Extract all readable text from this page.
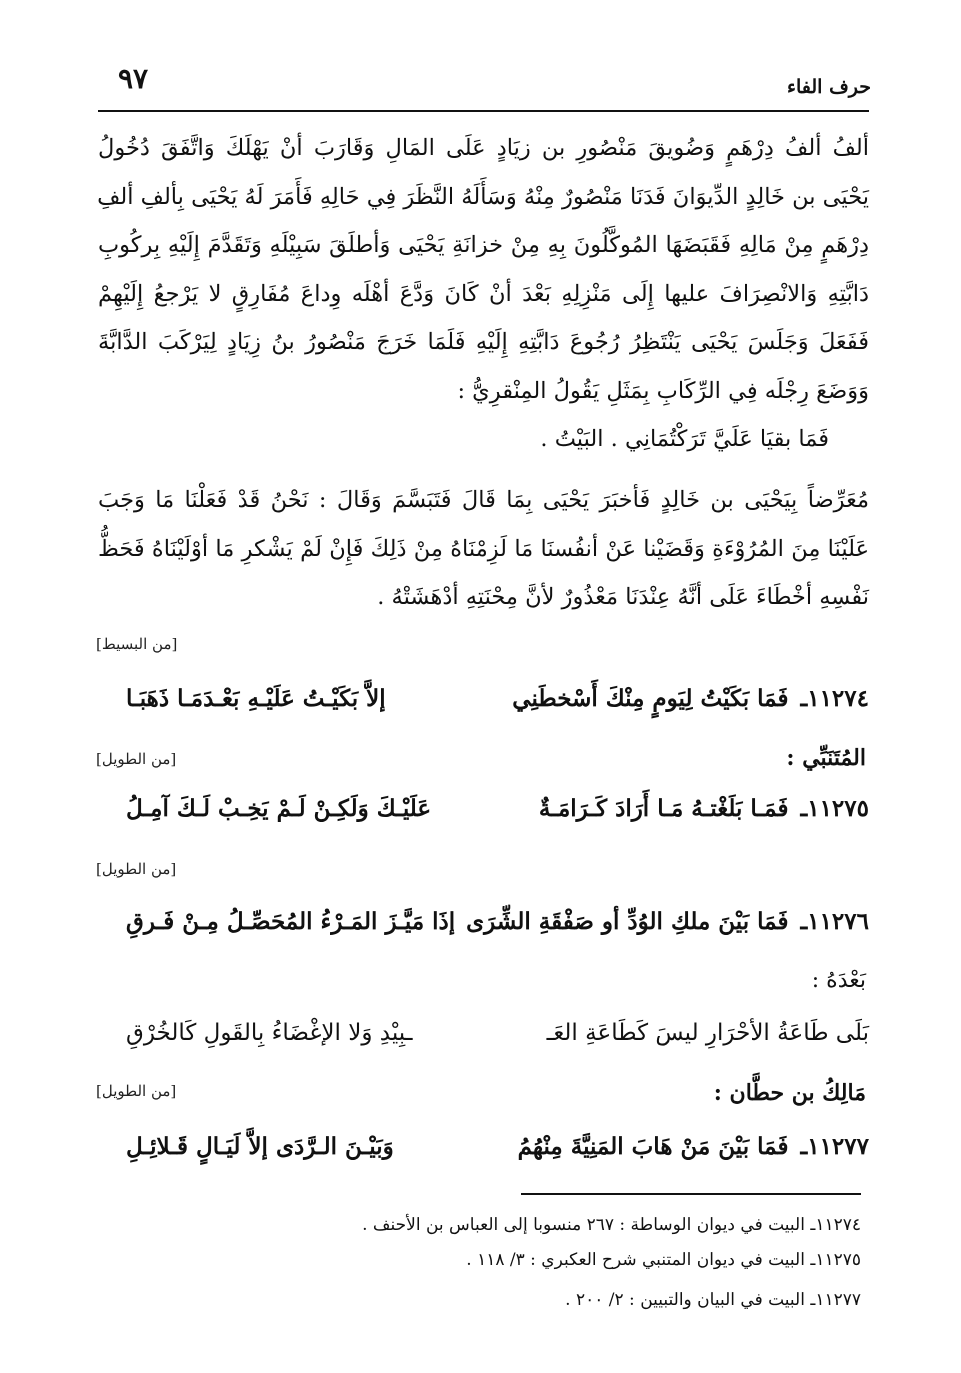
حرف الفاء
٩٧
ألفُ ألفُ دِرْهَمٍ وَضُويقَ مَنْصُورِ بن زيَادٍ عَلَى المَالِ وَقَارَبَ أنْ يَهْلَكَ وَاتَّفَقَ دُخُولُ
يَحْيَى بن خَالِدٍ الدِّيوَانَ فَدَنَا مَنْصُورٌ مِنْهُ وَسَأَلَهُ النَّظَرَ فِي حَالِهِ فَأَمَرَ لَهُ يَحْيَى بِألفِ ألفِ
دِرْهَمٍ مِنْ مَالِهِ فَقَبَضَهَا المُوكَّلُونَ بِهِ مِنْ خزانَةِ يَحْيَى وَأطلَقَ سَبِيْلَهِ وَتَقَدَّمَ إِلَيْهِ بِركُوبِ
دَابَّتِهِ وَالانْصِرَافَ عليها إِلَى مَنْزِلِهِ بَعْدَ أنْ كَانَ وَدَّعَ أهْلَه وِداعَ مُفَارِقٍ لا يَرْجعُ إِلَيْهِمْ
فَفَعَلَ وَجَلَسَ يَحْيَى يَنْتَظِرُ رُجُوعَ دَابَّتِهِ إِلَيْهِ فَلَمَا خَرَجَ مَنْصُورُ بنُ زِيَادٍ لِيَرْكَبَ الدَّابَّةَ
وَوَضَعَ رِجْلَه فِي الرِّكَابِ بِمَثَلِ يَقُولُ المِنْقرِيُّ :
فَمَا بقيَا عَلَيَّ تَرَكْتُمَانِي . البَيْتُ .
مُعَرِّضاً بِيَحْيَى بن خَالِدٍ فَأخبَرَ يَحْيَى بِمَا قَالَ فَتَبَسَّمَ وَقَالَ : نَحْنُ قَدْ فَعَلْنَا مَا وَجَبَ
عَلَيْنَا مِنَ المُرُوْءَةِ وَقَضَيْنا عَنْ أنفُسنَا مَا لَزِمْنَاهُ مِنْ ذَلِكَ فَإِنْ لَمْ يَشْكرِ مَا أوْلَيْنَاهُ فَحَظُّ
نَفْسِهِ أخْطَاءَ عَلَى أنَّهُ عِنْدَنَا مَعْذُورٌ لأنَّ مِحْنَتِهِ أدْهَشَتْهُ .
[من البسيط]
١١٢٧٤ـ فَمَا بَكَيْتُ لِيَومٍ مِنْكَ أَسْخطَنِي
إلاَّ بَكَيْـتُ عَلَيْـهِ بَعْـدَمَـا ذَهَبَـا
المُتَنَبِّي :
[من الطويل]
١١٢٧٥ـ فَمَـا بَلَغْتـهُ مَـا أَرَادَ كَـرَامَـةٌ
عَلَيْـكَ وَلَكِـنْ لَـمْ يَخِـبْ لَـكَ آمِـلُ
[من الطويل]
١١٢٧٦ـ فَمَا بَيْنَ ملكِ الوُدِّ أو صَفْقَةِ الشِّرَى
إذَا مَيَّـزَ المَـرْءُ المُحَصِّـلُ مِـنْ فَـرقِ
بَعْدَهُ :
بَلَى طَاعَةُ الأحْرَارِ ليسَ كَطَاعَةِ العَـ
ـبِيْدِ وَلا الإغْضَاءُ بِالقَولِ كَالخُرْقِ
مَالِكُ بن حطَّان :
[من الطويل]
١١٢٧٧ـ فَمَا بَيْنَ مَنْ هَابَ المَنِيَّةَ مِنْهُمُ
وَبَيْـنَ الـرَّدَى إلاَّ لَيَـالٍ قَـلائِـلِ
١١٢٧٤ـ البيت في ديوان الوساطة : ٢٦٧ منسوبا إلى العباس بن الأحنف .
١١٢٧٥ـ البيت في ديوان المتنبي شرح العكبري : ٣/ ١١٨ .
١١٢٧٧ـ البيت في البيان والتبيين : ٢/ ٢٠٠ .
